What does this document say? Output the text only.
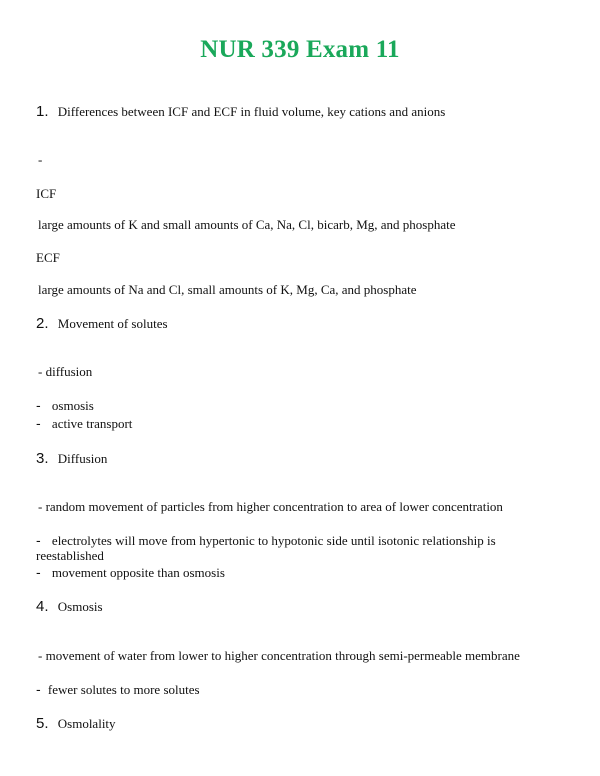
NUR 339 Exam 11
1. Differences between ICF and ECF in fluid volume, key cations and anions
-
ICF
large amounts of K and small amounts of Ca, Na, Cl, bicarb, Mg, and phosphate
ECF
large amounts of Na and Cl, small amounts of K, Mg, Ca, and phosphate
2. Movement of solutes
- diffusion
- osmosis
- active transport
3. Diffusion
- random movement of particles from higher concentration to area of lower concentration
- electrolytes will move from hypertonic to hypotonic side until isotonic relationship is reestablished
- movement opposite than osmosis
4. Osmosis
- movement of water from lower to higher concentration through semi-permeable membrane
- fewer solutes to more solutes
5. Osmolality
